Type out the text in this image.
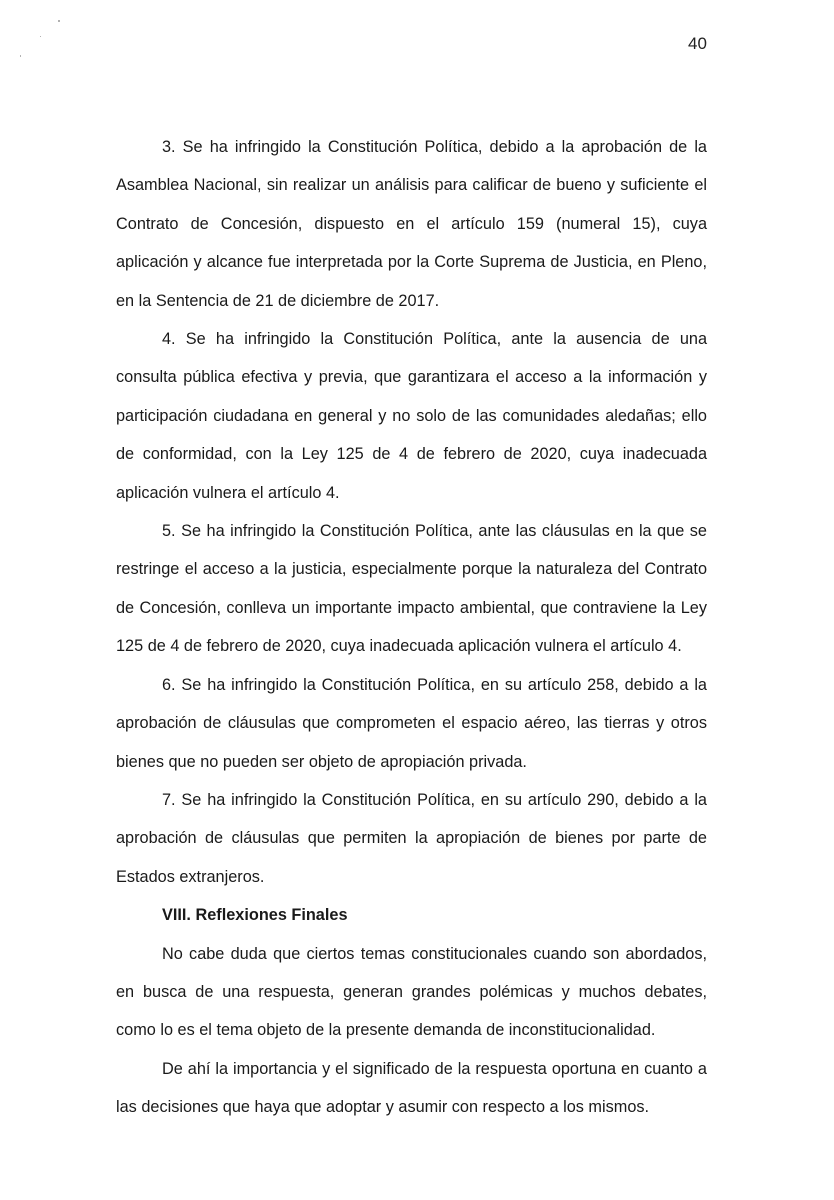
40

3. Se ha infringido la Constitución Política, debido a la aprobación de la Asamblea Nacional, sin realizar un análisis para calificar de bueno y suficiente el Contrato de Concesión, dispuesto en el artículo 159 (numeral 15), cuya aplicación y alcance fue interpretada por la Corte Suprema de Justicia, en Pleno, en la Sentencia de 21 de diciembre de 2017.

4. Se ha infringido la Constitución Política, ante la ausencia de una consulta pública efectiva y previa, que garantizara el acceso a la información y participación ciudadana en general y no solo de las comunidades aledañas; ello de conformidad, con la Ley 125 de 4 de febrero de 2020, cuya inadecuada aplicación vulnera el artículo 4.

5. Se ha infringido la Constitución Política, ante las cláusulas en la que se restringe el acceso a la justicia, especialmente porque la naturaleza del Contrato de Concesión, conlleva un importante impacto ambiental, que contraviene la Ley 125 de 4 de febrero de 2020, cuya inadecuada aplicación vulnera el artículo 4.

6. Se ha infringido la Constitución Política, en su artículo 258, debido a la aprobación de cláusulas que comprometen el espacio aéreo, las tierras y otros bienes que no pueden ser objeto de apropiación privada.

7. Se ha infringido la Constitución Política, en su artículo 290, debido a la aprobación de cláusulas que permiten la apropiación de bienes por parte de Estados extranjeros.

VIII. Reflexiones Finales

No cabe duda que ciertos temas constitucionales cuando son abordados, en busca de una respuesta, generan grandes polémicas y muchos debates, como lo es el tema objeto de la presente demanda de inconstitucionalidad.

De ahí la importancia y el significado de la respuesta oportuna en cuanto a las decisiones que haya que adoptar y asumir con respecto a los mismos.
